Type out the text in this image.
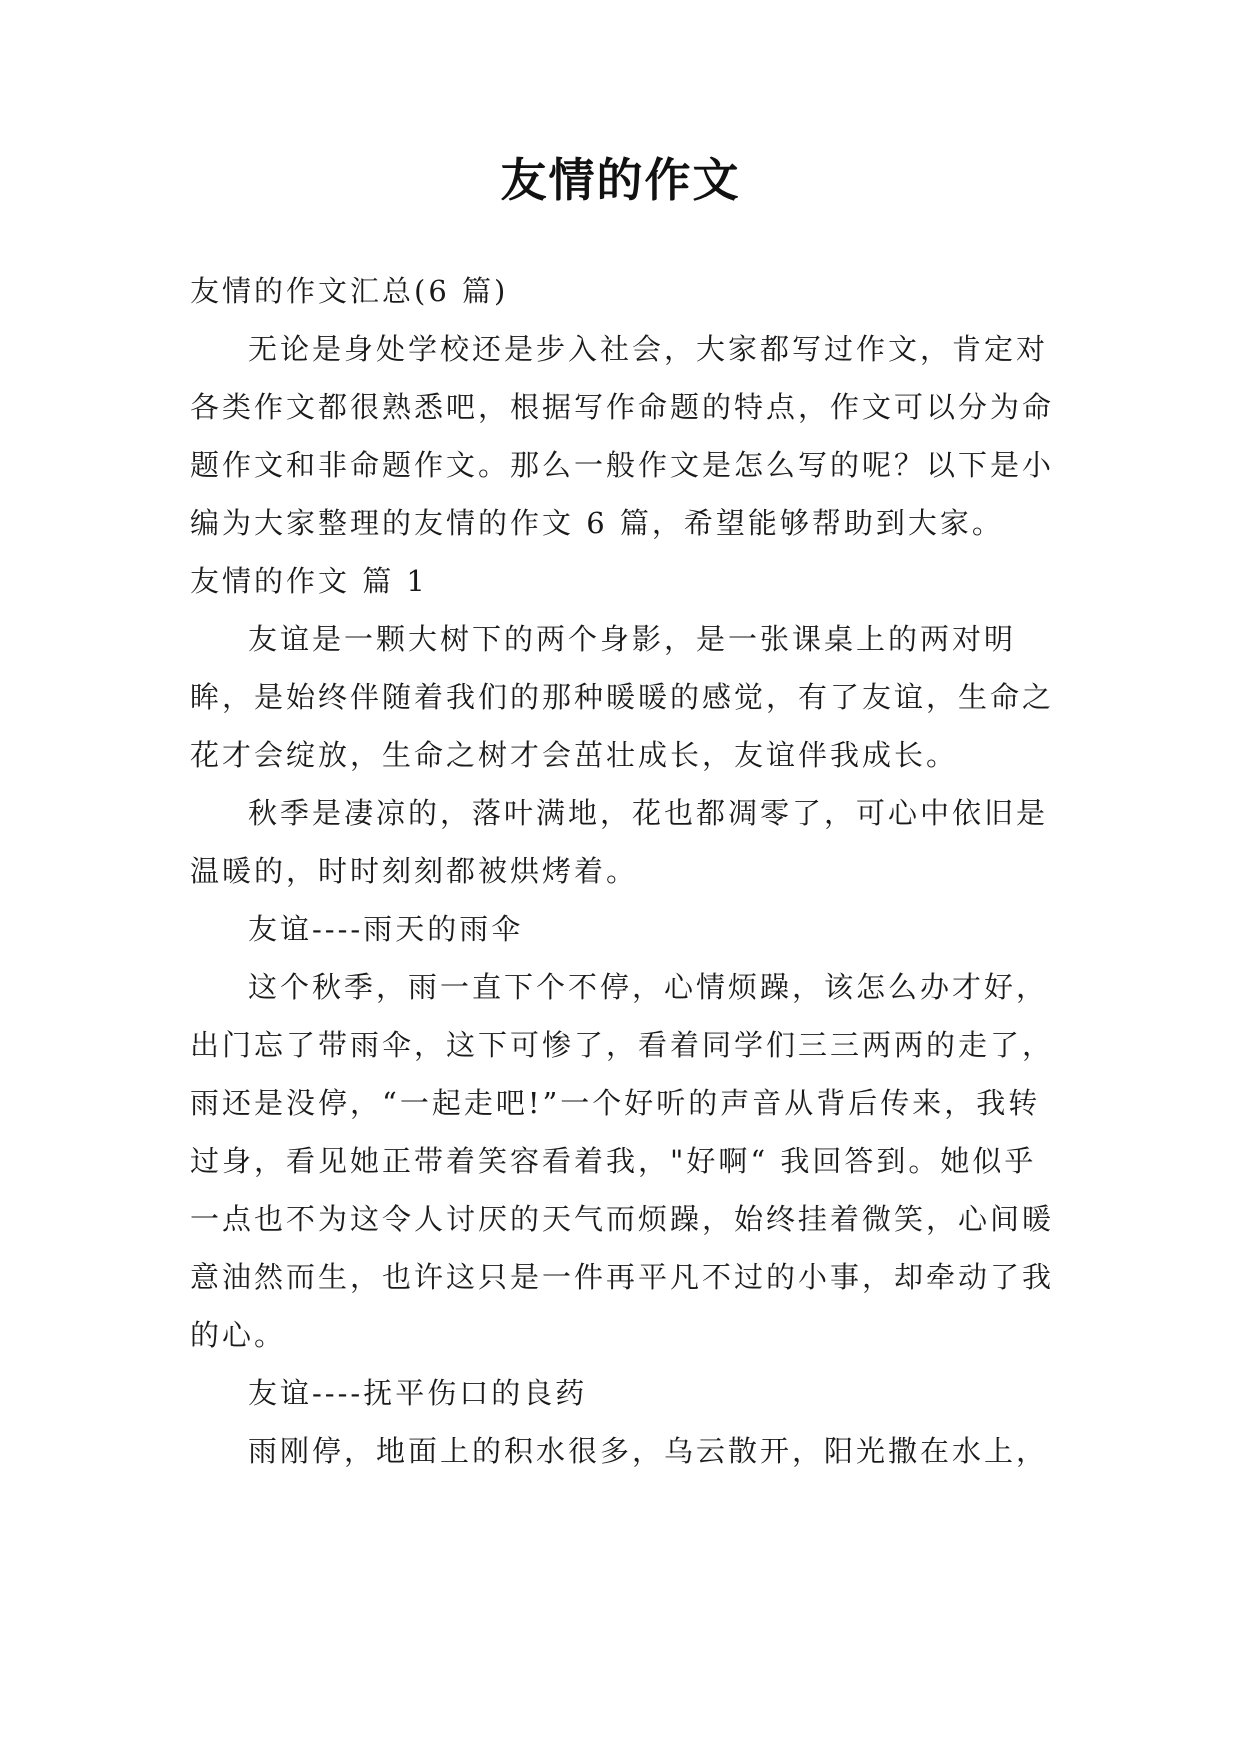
友情的作文

友情的作文汇总(6 篇)

无论是身处学校还是步入社会，大家都写过作文，肯定对各类作文都很熟悉吧，根据写作命题的特点，作文可以分为命题作文和非命题作文。那么一般作文是怎么写的呢？以下是小编为大家整理的友情的作文 6 篇，希望能够帮助到大家。

友情的作文 篇 1

友谊是一颗大树下的两个身影，是一张课桌上的两对明眸，是始终伴随着我们的那种暖暖的感觉，有了友谊，生命之花才会绽放，生命之树才会茁壮成长，友谊伴我成长。

秋季是凄凉的，落叶满地，花也都凋零了，可心中依旧是温暖的，时时刻刻都被烘烤着。

友谊----雨天的雨伞

这个秋季，雨一直下个不停，心情烦躁，该怎么办才好，出门忘了带雨伞，这下可惨了，看着同学们三三两两的走了，雨还是没停，“一起走吧!”一个好听的声音从背后传来，我转过身，看见她正带着笑容看着我，"好啊“ 我回答到。她似乎一点也不为这令人讨厌的天气而烦躁，始终挂着微笑，心间暖意油然而生，也许这只是一件再平凡不过的小事，却牵动了我的心。

友谊----抚平伤口的良药

雨刚停，地面上的积水很多，乌云散开，阳光撒在水上，
